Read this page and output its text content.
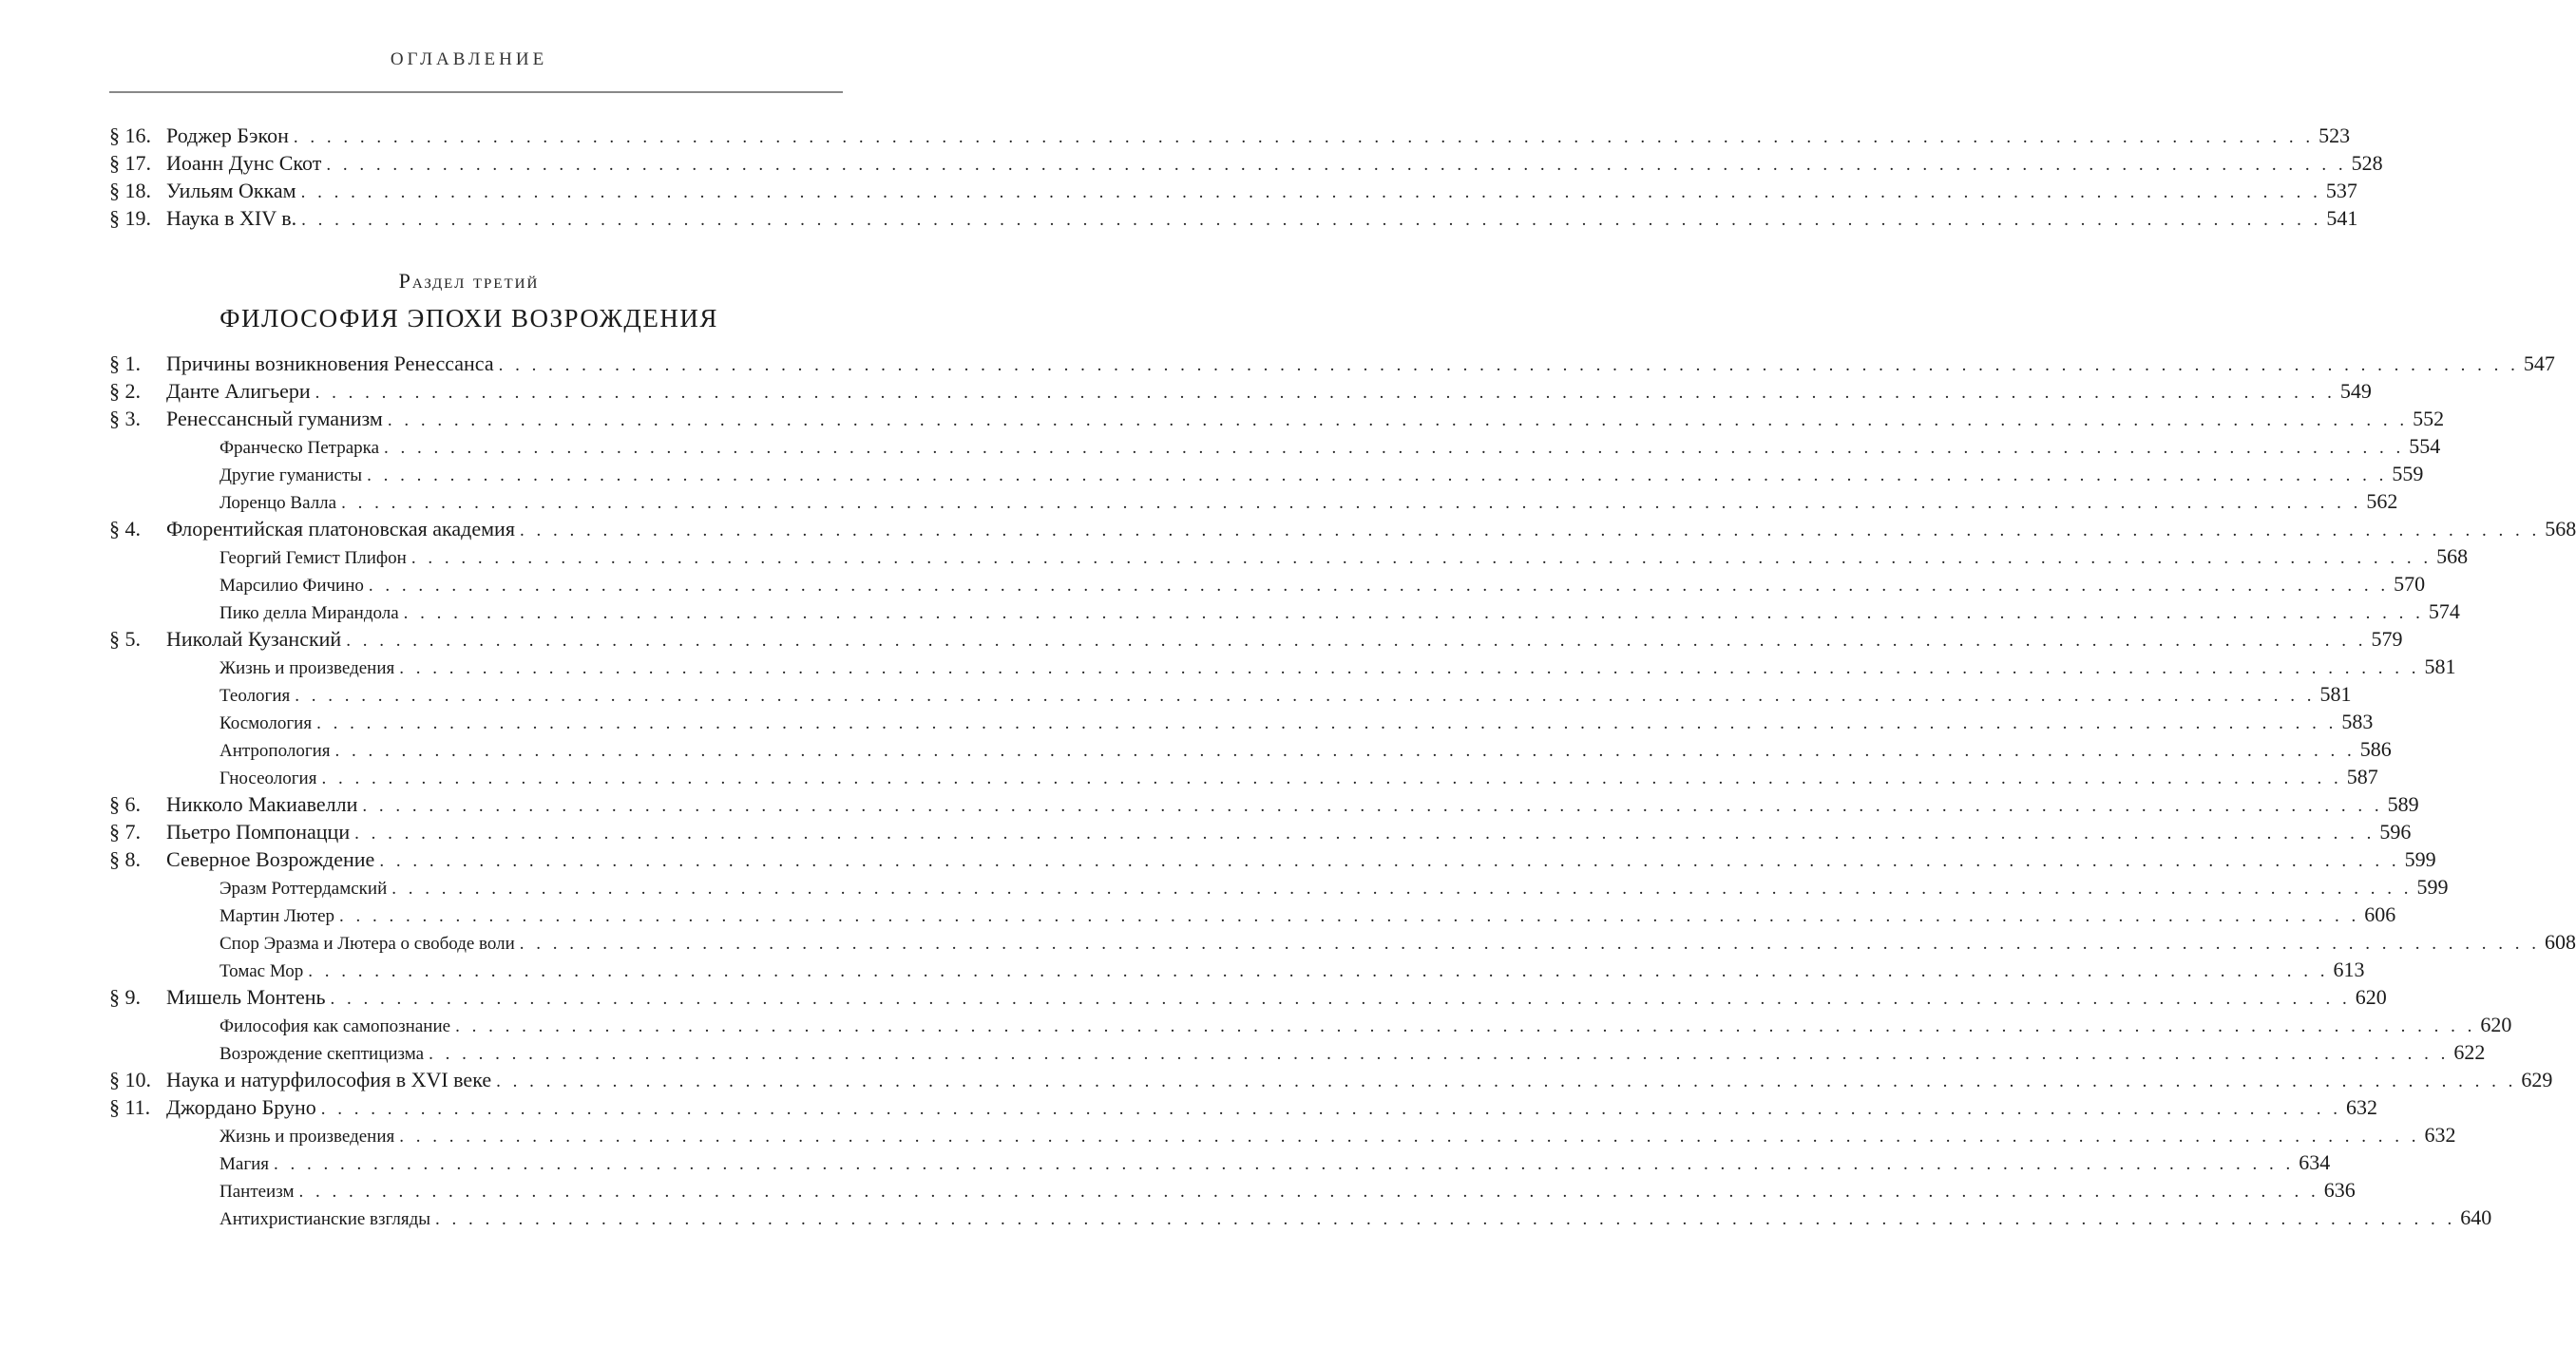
ОГЛАВЛЕНИЕ
§ 16. Роджер Бэкон . . . . . . . . . . . . . . . . . . . . . . . . . . . . . . . . . . . . . . . . . . . . . . . . . . . . . . . . . . . . . . . . . . . . . . . . . . . . . . . . . . . . . . . . . . . . . . . . . . . . . . . . . . . . . . . . . . . . . . . . . . 523
§ 17. Иоанн Дунс Скот . . . . . . . . . . . . . . . . . . . . . . . . . . . . . . . . . . . . . . . . . . . . . . . . . . . . . . . . . . . . . . . . . . . . . . . . . . . . . . . . . . . . . . . . . . . . . . . . . . . . . . . . . . . . . . . . . . . . . . . . . . 528
§ 18. Уильям Оккам . . . . . . . . . . . . . . . . . . . . . . . . . . . . . . . . . . . . . . . . . . . . . . . . . . . . . . . . . . . . . . . . . . . . . . . . . . . . . . . . . . . . . . . . . . . . . . . . . . . . . . . . . . . . . . . . . . . . . . . . . . 537
§ 19. Наука в XIV в. . . . . . . . . . . . . . . . . . . . . . . . . . . . . . . . . . . . . . . . . . . . . . . . . . . . . . . . . . . . . . . . . . . . . . . . . . . . . . . . . . . . . . . . . . . . . . . . . . . . . . . . . . . . . . . . . . . . . . . . . . . 541
Раздел третий
ФИЛОСОФИЯ ЭПОХИ ВОЗРОЖДЕНИЯ
§ 1.	Причины возникновения Ренессанса . . . . . . . . . . . . . . . . . . . . . . . . . . . . . . . . . . . . . . . . . . . . . . . . . . . . . . . . . . . . . . . . . . . . . . . . . . . . . . . . . . . . . . . . . . . . . . . . . . . . . . . . . . . . . . . . . . . . . . . . . . 547
§ 2.	Данте Алигьери . . . . . . . . . . . . . . . . . . . . . . . . . . . . . . . . . . . . . . . . . . . . . . . . . . . . . . . . . . . . . . . . . . . . . . . . . . . . . . . . . . . . . . . . . . . . . . . . . . . . . . . . . . . . . . . . . . . . . . . . . . 549
§ 3.	Ренессансный гуманизм . . . . . . . . . . . . . . . . . . . . . . . . . . . . . . . . . . . . . . . . . . . . . . . . . . . . . . . . . . . . . . . . . . . . . . . . . . . . . . . . . . . . . . . . . . . . . . . . . . . . . . . . . . . . . . . . . . . . . . . . . . 552
Франческо Петрарка . . . . . . . . . . . . . . . . . . . . . . . . . . . . . . . . . . . . . . . . . . . . . . . . . . . . . . . . . . . . . . . . . . . . . . . . . . . . . . . . . . . . . . . . . . . . . . . . . . . . . . . . . . . . . . . . . . . . . . . . . . 554
Другие гуманисты . . . . . . . . . . . . . . . . . . . . . . . . . . . . . . . . . . . . . . . . . . . . . . . . . . . . . . . . . . . . . . . . . . . . . . . . . . . . . . . . . . . . . . . . . . . . . . . . . . . . . . . . . . . . . . . . . . . . . . . . . . 559
Лоренцо Валла . . . . . . . . . . . . . . . . . . . . . . . . . . . . . . . . . . . . . . . . . . . . . . . . . . . . . . . . . . . . . . . . . . . . . . . . . . . . . . . . . . . . . . . . . . . . . . . . . . . . . . . . . . . . . . . . . . . . . . . . . . 562
§ 4.	Флорентийская платоновская академия . . . . . . . . . . . . . . . . . . . . . . . . . . . . . . . . . . . . . . . . . . . . . . . . . . . . . . . . . . . . . . . . . . . . . . . . . . . . . . . . . . . . . . . . . . . . . . . . . . . . . . . . . . . . . . . . . . . . . . . . . . 568
Георгий Гемист Плифон . . . . . . . . . . . . . . . . . . . . . . . . . . . . . . . . . . . . . . . . . . . . . . . . . . . . . . . . . . . . . . . . . . . . . . . . . . . . . . . . . . . . . . . . . . . . . . . . . . . . . . . . . . . . . . . . . . . . . . . . . . 568
Марсилио Фичино . . . . . . . . . . . . . . . . . . . . . . . . . . . . . . . . . . . . . . . . . . . . . . . . . . . . . . . . . . . . . . . . . . . . . . . . . . . . . . . . . . . . . . . . . . . . . . . . . . . . . . . . . . . . . . . . . . . . . . . . . . 570
Пико делла Мирандола . . . . . . . . . . . . . . . . . . . . . . . . . . . . . . . . . . . . . . . . . . . . . . . . . . . . . . . . . . . . . . . . . . . . . . . . . . . . . . . . . . . . . . . . . . . . . . . . . . . . . . . . . . . . . . . . . . . . . . . . . . 574
§ 5.	Николай Кузанский . . . . . . . . . . . . . . . . . . . . . . . . . . . . . . . . . . . . . . . . . . . . . . . . . . . . . . . . . . . . . . . . . . . . . . . . . . . . . . . . . . . . . . . . . . . . . . . . . . . . . . . . . . . . . . . . . . . . . . . . . . 579
Жизнь и произведения . . . . . . . . . . . . . . . . . . . . . . . . . . . . . . . . . . . . . . . . . . . . . . . . . . . . . . . . . . . . . . . . . . . . . . . . . . . . . . . . . . . . . . . . . . . . . . . . . . . . . . . . . . . . . . . . . . . . . . . . . . 581
Теология . . . . . . . . . . . . . . . . . . . . . . . . . . . . . . . . . . . . . . . . . . . . . . . . . . . . . . . . . . . . . . . . . . . . . . . . . . . . . . . . . . . . . . . . . . . . . . . . . . . . . . . . . . . . . . . . . . . . . . . . . . 581
Космология . . . . . . . . . . . . . . . . . . . . . . . . . . . . . . . . . . . . . . . . . . . . . . . . . . . . . . . . . . . . . . . . . . . . . . . . . . . . . . . . . . . . . . . . . . . . . . . . . . . . . . . . . . . . . . . . . . . . . . . . . . 583
Антропология . . . . . . . . . . . . . . . . . . . . . . . . . . . . . . . . . . . . . . . . . . . . . . . . . . . . . . . . . . . . . . . . . . . . . . . . . . . . . . . . . . . . . . . . . . . . . . . . . . . . . . . . . . . . . . . . . . . . . . . . . . 586
Гносеология . . . . . . . . . . . . . . . . . . . . . . . . . . . . . . . . . . . . . . . . . . . . . . . . . . . . . . . . . . . . . . . . . . . . . . . . . . . . . . . . . . . . . . . . . . . . . . . . . . . . . . . . . . . . . . . . . . . . . . . . . . 587
§ 6.	Никколо Макиавелли . . . . . . . . . . . . . . . . . . . . . . . . . . . . . . . . . . . . . . . . . . . . . . . . . . . . . . . . . . . . . . . . . . . . . . . . . . . . . . . . . . . . . . . . . . . . . . . . . . . . . . . . . . . . . . . . . . . . . . . . . . 589
§ 7.	Пьетро Помпонацци . . . . . . . . . . . . . . . . . . . . . . . . . . . . . . . . . . . . . . . . . . . . . . . . . . . . . . . . . . . . . . . . . . . . . . . . . . . . . . . . . . . . . . . . . . . . . . . . . . . . . . . . . . . . . . . . . . . . . . . . . . 596
§ 8.	Северное Возрождение . . . . . . . . . . . . . . . . . . . . . . . . . . . . . . . . . . . . . . . . . . . . . . . . . . . . . . . . . . . . . . . . . . . . . . . . . . . . . . . . . . . . . . . . . . . . . . . . . . . . . . . . . . . . . . . . . . . . . . . . . . 599
Эразм Роттердамский . . . . . . . . . . . . . . . . . . . . . . . . . . . . . . . . . . . . . . . . . . . . . . . . . . . . . . . . . . . . . . . . . . . . . . . . . . . . . . . . . . . . . . . . . . . . . . . . . . . . . . . . . . . . . . . . . . . . . . . . . . 599
Мартин Лютер . . . . . . . . . . . . . . . . . . . . . . . . . . . . . . . . . . . . . . . . . . . . . . . . . . . . . . . . . . . . . . . . . . . . . . . . . . . . . . . . . . . . . . . . . . . . . . . . . . . . . . . . . . . . . . . . . . . . . . . . . . 606
Спор Эразма и Лютера о свободе воли . . . . . . . . . . . . . . . . . . . . . . . . . . . . . . . . . . . . . . . . . . . . . . . . . . . . . . . . . . . . . . . . . . . . . . . . . . . . . . . . . . . . . . . . . . . . . . . . . . . . . . . . . . . . . . . . . . . . . . . . . . 608
Томас Мор . . . . . . . . . . . . . . . . . . . . . . . . . . . . . . . . . . . . . . . . . . . . . . . . . . . . . . . . . . . . . . . . . . . . . . . . . . . . . . . . . . . . . . . . . . . . . . . . . . . . . . . . . . . . . . . . . . . . . . . . . . 613
§ 9.	Мишель Монтень . . . . . . . . . . . . . . . . . . . . . . . . . . . . . . . . . . . . . . . . . . . . . . . . . . . . . . . . . . . . . . . . . . . . . . . . . . . . . . . . . . . . . . . . . . . . . . . . . . . . . . . . . . . . . . . . . . . . . . . . . . 620
Философия как самопознание . . . . . . . . . . . . . . . . . . . . . . . . . . . . . . . . . . . . . . . . . . . . . . . . . . . . . . . . . . . . . . . . . . . . . . . . . . . . . . . . . . . . . . . . . . . . . . . . . . . . . . . . . . . . . . . . . . . . . . . . . . 620
Возрождение скептицизма . . . . . . . . . . . . . . . . . . . . . . . . . . . . . . . . . . . . . . . . . . . . . . . . . . . . . . . . . . . . . . . . . . . . . . . . . . . . . . . . . . . . . . . . . . . . . . . . . . . . . . . . . . . . . . . . . . . . . . . . . . 622
§ 10. Наука и натурфилософия в XVI веке . . . . . . . . . . . . . . . . . . . . . . . . . . . . . . . . . . . . . . . . . . . . . . . . . . . . . . . . . . . . . . . . . . . . . . . . . . . . . . . . . . . . . . . . . . . . . . . . . . . . . . . . . . . . . . . . . . . . . . . . . . 629
§ 11. Джордано Бруно . . . . . . . . . . . . . . . . . . . . . . . . . . . . . . . . . . . . . . . . . . . . . . . . . . . . . . . . . . . . . . . . . . . . . . . . . . . . . . . . . . . . . . . . . . . . . . . . . . . . . . . . . . . . . . . . . . . . . . . . . . 632
Жизнь и произведения . . . . . . . . . . . . . . . . . . . . . . . . . . . . . . . . . . . . . . . . . . . . . . . . . . . . . . . . . . . . . . . . . . . . . . . . . . . . . . . . . . . . . . . . . . . . . . . . . . . . . . . . . . . . . . . . . . . . . . . . . . 632
Магия . . . . . . . . . . . . . . . . . . . . . . . . . . . . . . . . . . . . . . . . . . . . . . . . . . . . . . . . . . . . . . . . . . . . . . . . . . . . . . . . . . . . . . . . . . . . . . . . . . . . . . . . . . . . . . . . . . . . . . . . . . 634
Пантеизм . . . . . . . . . . . . . . . . . . . . . . . . . . . . . . . . . . . . . . . . . . . . . . . . . . . . . . . . . . . . . . . . . . . . . . . . . . . . . . . . . . . . . . . . . . . . . . . . . . . . . . . . . . . . . . . . . . . . . . . . . . 636
Антихристианские взгляды . . . . . . . . . . . . . . . . . . . . . . . . . . . . . . . . . . . . . . . . . . . . . . . . . . . . . . . . . . . . . . . . . . . . . . . . . . . . . . . . . . . . . . . . . . . . . . . . . . . . . . . . . . . . . . . . . . . . . . . . . . 640
